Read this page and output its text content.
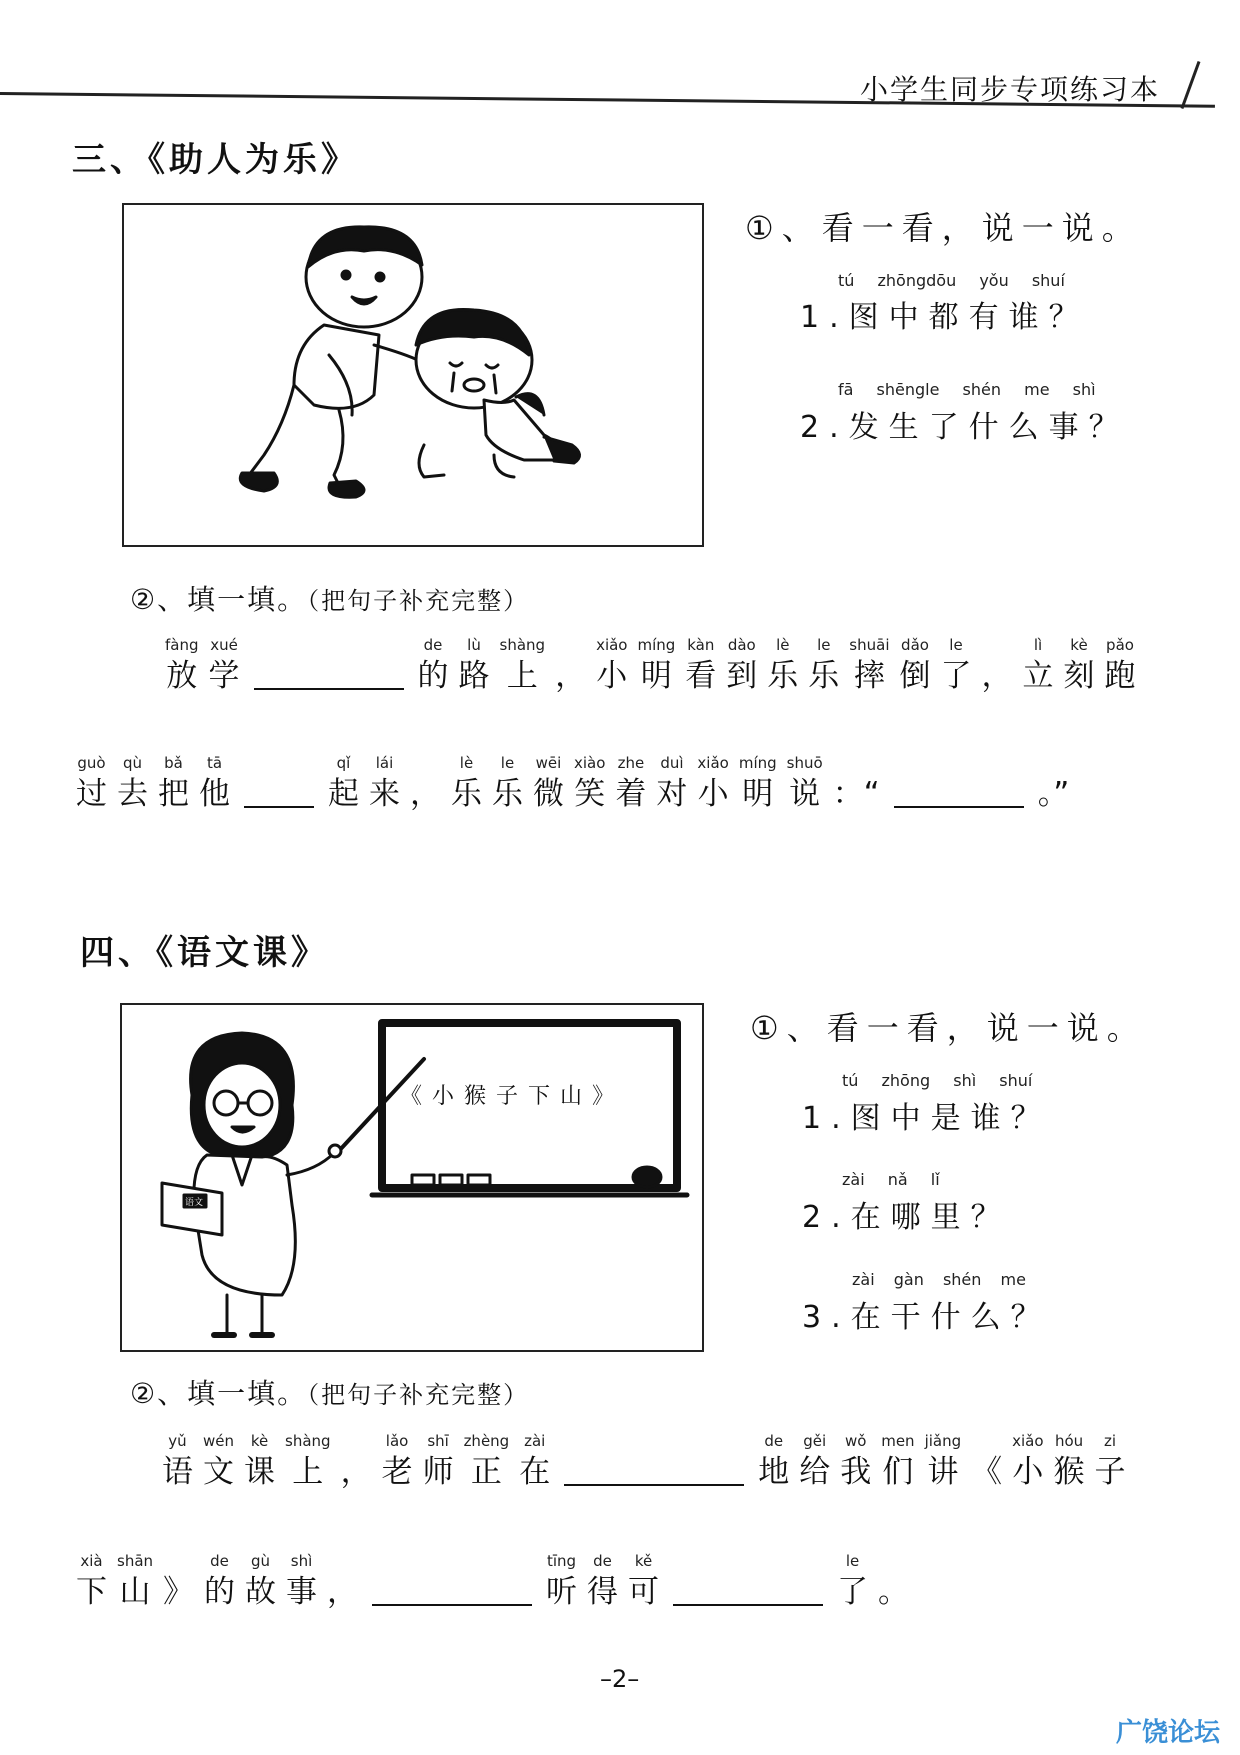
小学生同步专项练习本
三、《助人为乐》
①、看一看，说一说。
tú zhōngdōu yǒu shuí
1.图中都有谁？
fā shēngle shén me shì
2.发生了什么事？
②、填一填。（把句子补充完整）
fàng
放
xué
学
de
的
lù
路
shàng
上 ，
xiǎo
小
míng
明
kàn
看
dào
到
lè
乐
le
乐
shuāi
摔
dǎo
倒
le
了 ，
lì
立
kè
刻
pǎo
跑
guò
过
qù
去
bǎ
把
tā
他
qǐ
起
lái
来 ，
lè
乐
le
乐
wēi
微
xiào
笑
zhe
着
duì
对
xiǎo
小
míng
明
shuō
说 ：“	。”
四、《语文课》
《小猴子下山》
语文
①、看一看，说一说。
tú zhōng shì shuí
1.图中是谁？
zài nǎ lǐ
2.在哪里？
zài gàn shén me
3.在干什么？
②、填一填。（把句子补充完整）
yǔ
语
wén
文
kè
课
shàng
上 ，
lǎo
老
shī
师
zhèng
正
zài
在
de
地
gěi
给
wǒ
我
men
们
jiǎng
讲 《
xiǎo
小
hóu
猴
zi
子
xià
下
shān
山 》
de
的
gù
故
shì
事 ，
tīng
听
de
得
kě
可
le
了 。
–2–
广饶论坛
